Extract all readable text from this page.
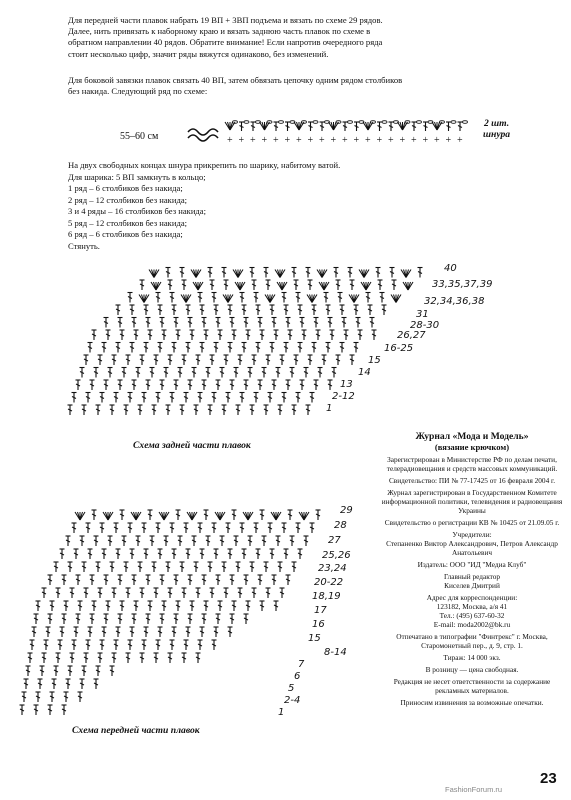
Для передней части плавок набрать 19 ВП + 3ВП подъема и вязать по схеме 29 рядов. Далее, нить привязать к наборному краю и вязать заднюю часть плавок по схеме в обратном направлении 40 рядов. Обратите внимание! Если напротив очередного ряда стоит несколько цифр, значит ряды вяжутся одинаково, без изменений.

Для боковой завязки плавок связать 40 ВП, затем обвязать цепочку одним рядом столбиков без накида. Следующий ряд по схеме:

55–60 см	+ + + + + + + + + + + + + + + + + + + + +
2 шт.
шнура
На двух свободных концах шнура прикрепить по шарику, набитому ватой.
Для шарика: 5 ВП замкнуть в кольцо;
1 ряд – 6 столбиков без накида;
2 ряд – 12 столбиков без накида;
3 и 4 ряды – 16 столбиков без накида;
5 ряд – 12 столбиков без накида;
6 ряд – 6 столбиков без накида;
Стянуть.
40
33,35,37,39
32,34,36,38
31
28-30
26,27
16-25
15
14
13
2-12
1
Схема задней части плавок
29
28
27
25,26
23,24
20-22
18,19
17
16
15
8-14
7
6
5
2-4
1
Схема передней части плавок

Журнал «Мода и Модель»

(вязание крючком)

Зарегистрирован в Министерстве РФ по делам печати, телерадиовещания и средств массовых коммуникаций.

Свидетельство: ПИ № 77-17425 от 16 февраля 2004 г.

Журнал зарегистрирован в Государственном Комитете информационной политики, телевидения и радиовещания Украины

Свидетельство о регистрации КВ № 10425 от 21.09.05 г.

Учредители:

Степаненко Виктор Александрович, Петров Александр Анатольевич

Издатель: ООО "ИД "Медиа Клуб"

Главный редактор

Киселев Дмитрий

Адрес для корреспонденции:

123182, Москва, а/я 41

Тел.: (495) 637-60-32

E-mail: moda2002@bk.ru

Отпечатано в типографии "Финтрекс" г. Москва, Старомонетный пер., д. 9, стр. 1.

Тираж: 14 000 экз.

В розницу — цена свободная.

Редакция не несет ответственности за содержание рекламных материалов.

Приносим извинения за возможные опечатки.

23
FashionForum.ru
